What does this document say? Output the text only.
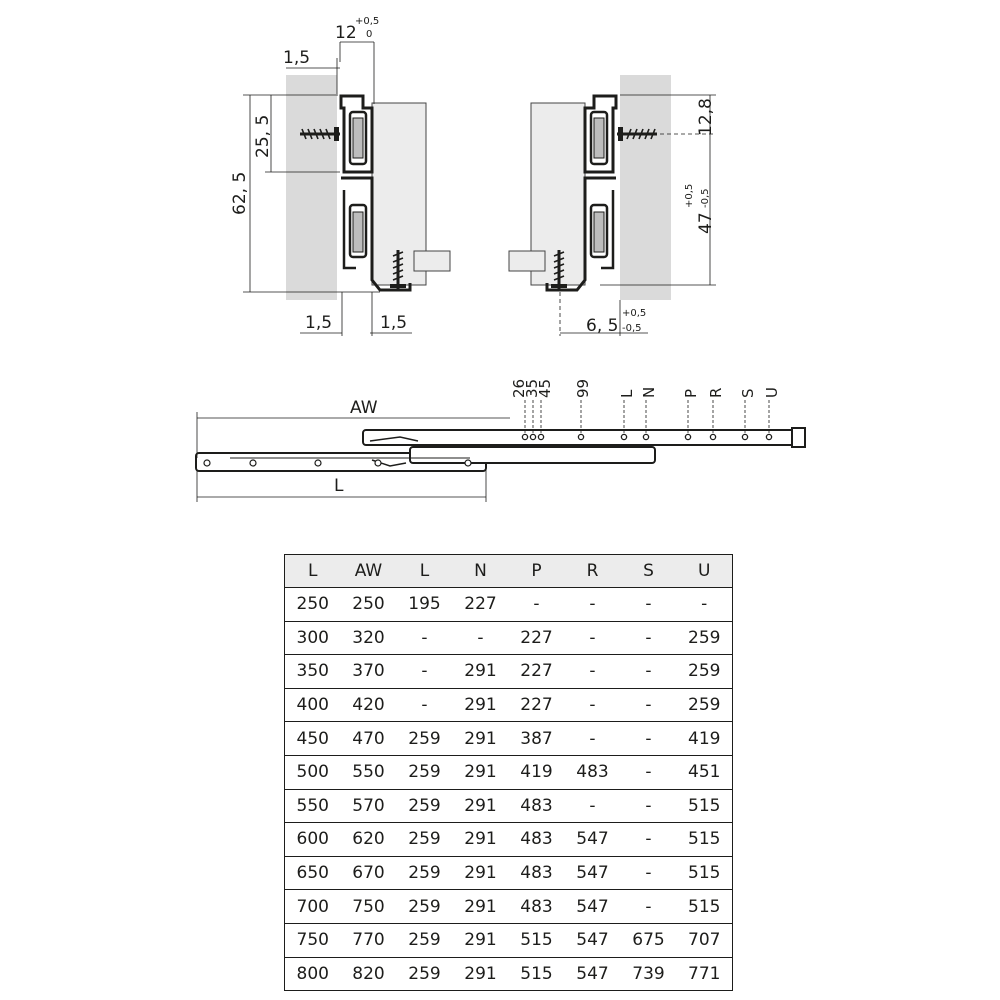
1,5
12
+0,5
0
25, 5
62, 5
1,5	1,5
12,8
47
+0,5 -0,5
6, 5
+0,5
-0,5
26
35
45 99 L N P R S U
AW
L
L	AW	L	N	P	R	S	U
250	250	195	227	-	-	-	-
300	320	-	-	227	-	-	259
350	370	-	291	227	-	-	259
400	420	-	291	227	-	-	259
450	470	259	291	387	-	-	419
500	550	259	291	419	483	-	451
550	570	259	291	483	-	-	515
600	620	259	291	483	547	-	515
650	670	259	291	483	547	-	515
700	750	259	291	483	547	-	515
750	770	259	291	515	547	675	707
800	820	259	291	515	547	739	771
